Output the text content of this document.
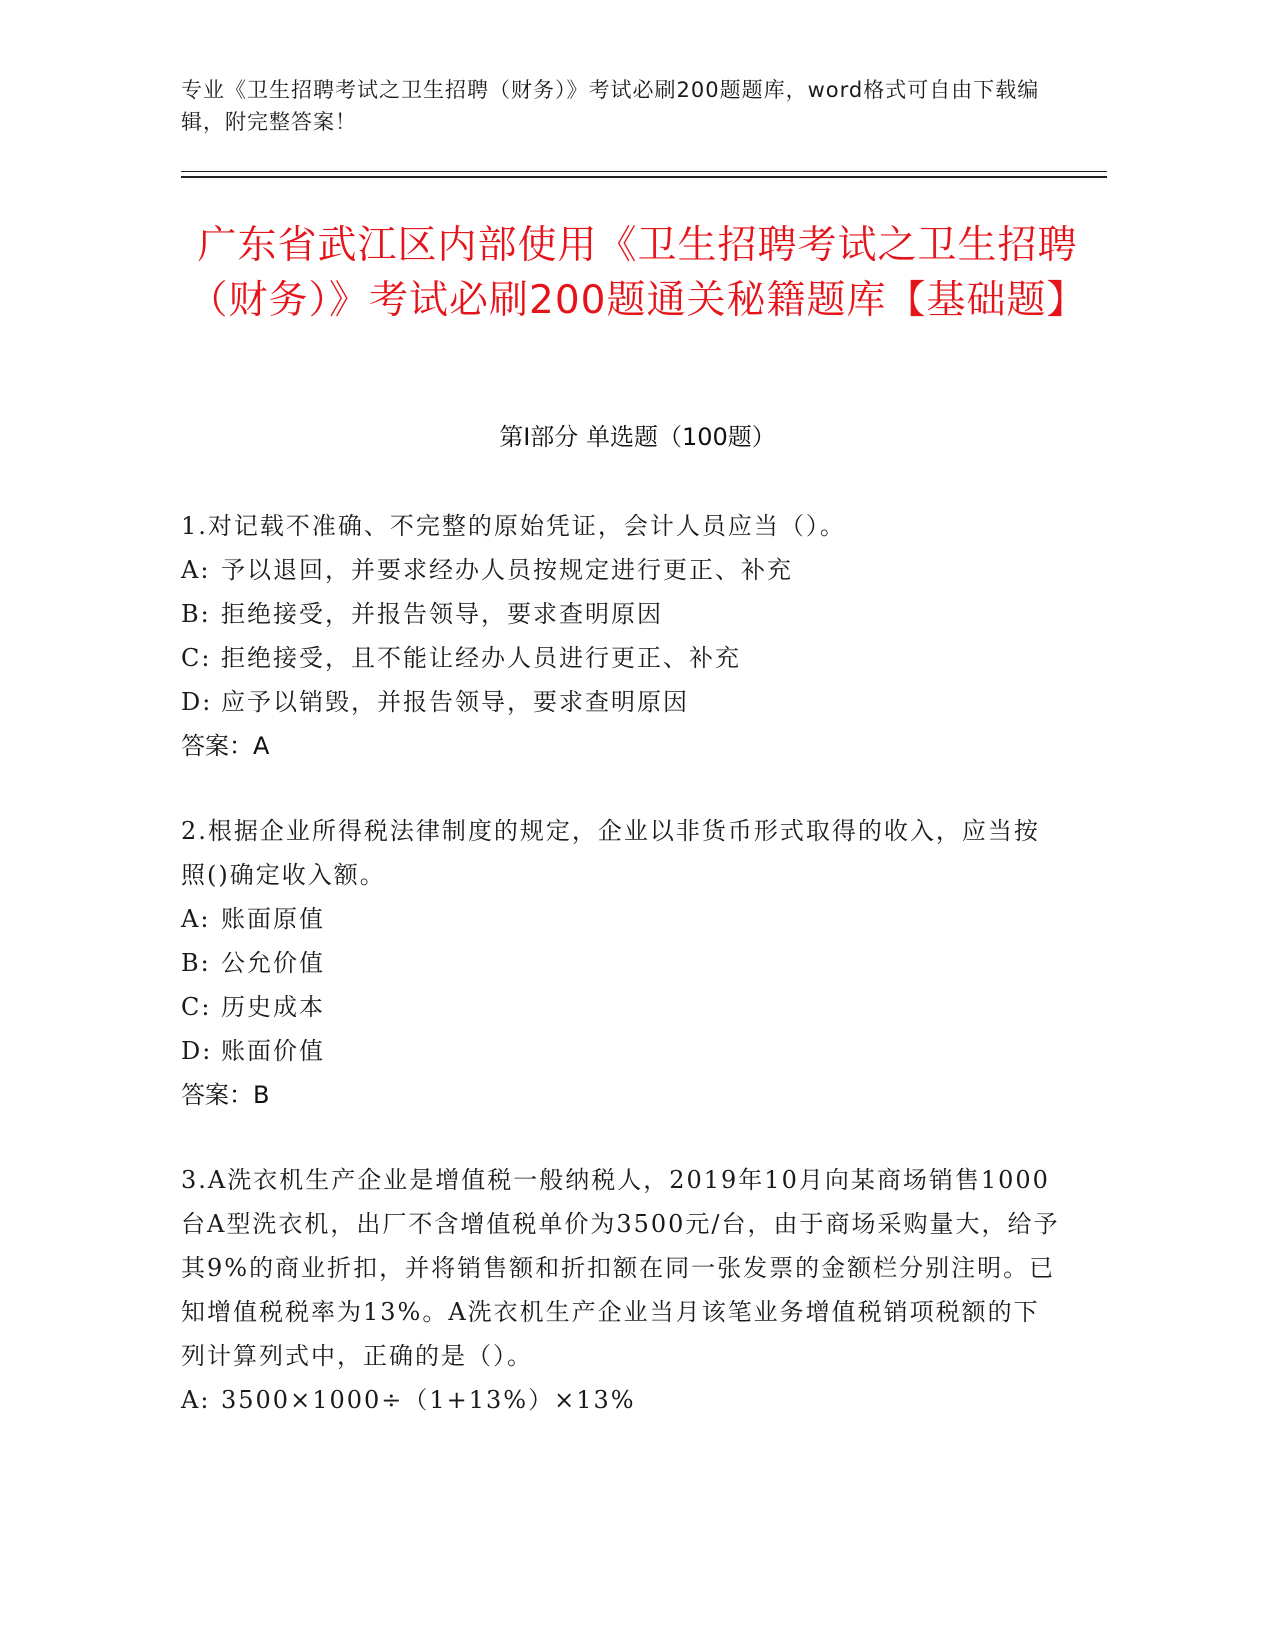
专业《卫生招聘考试之卫生招聘（财务）》考试必刷200题题库，word格式可自由下载编辑，附完整答案！
广东省武江区内部使用《卫生招聘考试之卫生招聘（财务）》考试必刷200题通关秘籍题库【基础题】
第I部分 单选题（100题）

1.对记载不准确、不完整的原始凭证，会计人员应当（）。

A: 予以退回，并要求经办人员按规定进行更正、补充

B: 拒绝接受，并报告领导，要求查明原因

C: 拒绝接受，且不能让经办人员进行更正、补充

D: 应予以销毁，并报告领导，要求查明原因

答案：A

2.根据企业所得税法律制度的规定，企业以非货币形式取得的收入，应当按照()确定收入额。

A: 账面原值

B: 公允价值

C: 历史成本

D: 账面价值

答案：B

3.A洗衣机生产企业是增值税一般纳税人，2019年10月向某商场销售1000台A型洗衣机，出厂不含增值税单价为3500元/台，由于商场采购量大，给予其9%的商业折扣，并将销售额和折扣额在同一张发票的金额栏分别注明。已知增值税税率为13%。A洗衣机生产企业当月该笔业务增值税销项税额的下列计算列式中，正确的是（）。

A: 3500×1000÷（1+13%）×13%
